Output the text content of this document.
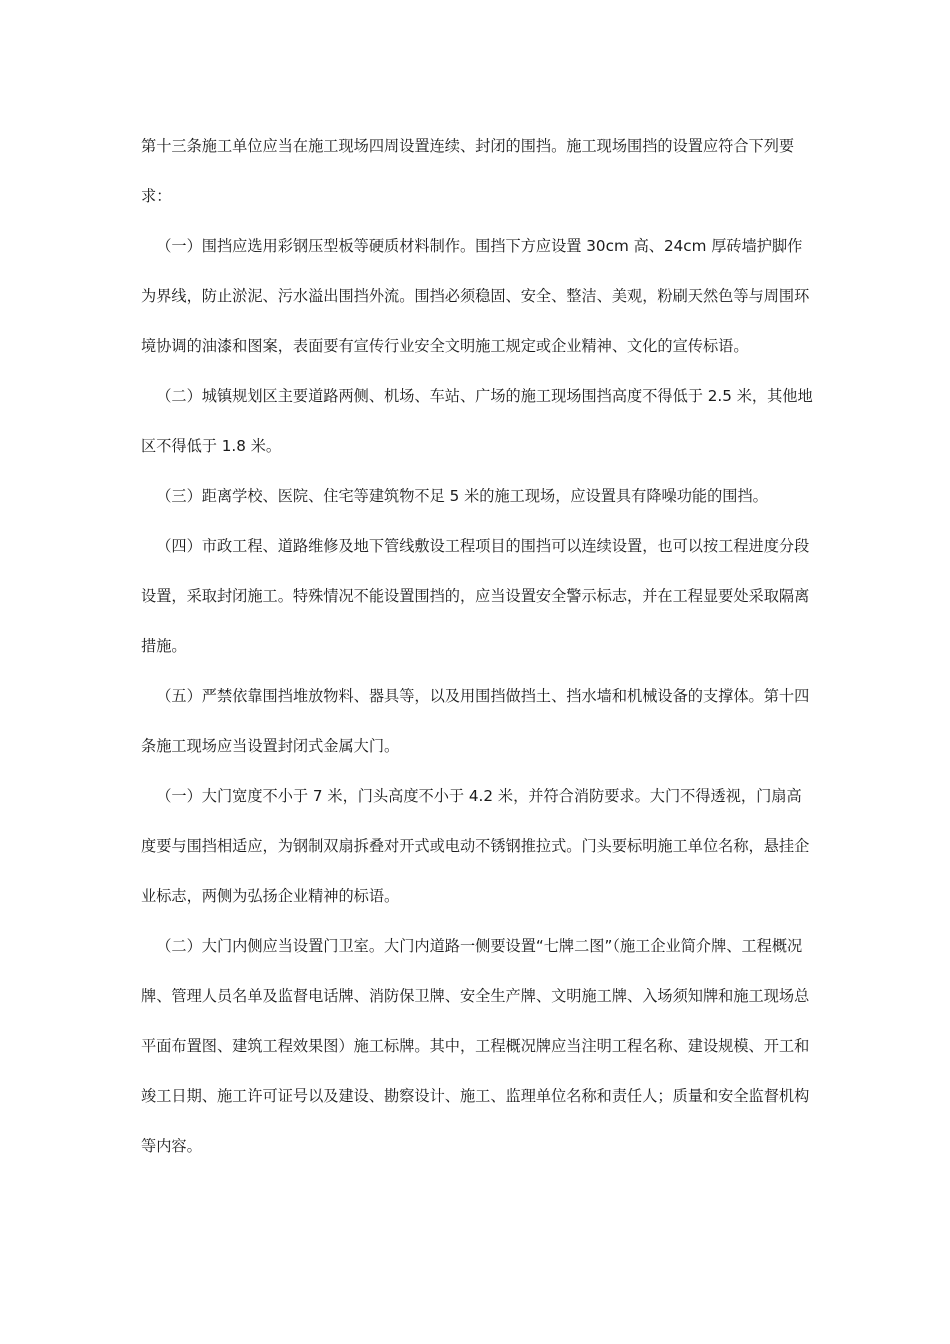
第十三条施工单位应当在施工现场四周设置连续、封闭的围挡。施工现场围挡的设置应符合下列要求：

（一）围挡应选用彩钢压型板等硬质材料制作。围挡下方应设置 30cm 高、24cm 厚砖墙护脚作为界线，防止淤泥、污水溢出围挡外流。围挡必须稳固、安全、整洁、美观，粉刷天然色等与周围环境协调的油漆和图案，表面要有宣传行业安全文明施工规定或企业精神、文化的宣传标语。

（二）城镇规划区主要道路两侧、机场、车站、广场的施工现场围挡高度不得低于 2.5 米，其他地区不得低于 1.8 米。

（三）距离学校、医院、住宅等建筑物不足 5 米的施工现场，应设置具有降噪功能的围挡。

（四）市政工程、道路维修及地下管线敷设工程项目的围挡可以连续设置，也可以按工程进度分段设置，采取封闭施工。特殊情况不能设置围挡的，应当设置安全警示标志，并在工程显要处采取隔离措施。

（五）严禁依靠围挡堆放物料、器具等，以及用围挡做挡土、挡水墙和机械设备的支撑体。第十四条施工现场应当设置封闭式金属大门。

（一）大门宽度不小于 7 米，门头高度不小于 4.2 米，并符合消防要求。大门不得透视，门扇高度要与围挡相适应，为钢制双扇拆叠对开式或电动不锈钢推拉式。门头要标明施工单位名称，悬挂企业标志，两侧为弘扬企业精神的标语。

（二）大门内侧应当设置门卫室。大门内道路一侧要设置“七牌二图”（施工企业简介牌、工程概况牌、管理人员名单及监督电话牌、消防保卫牌、安全生产牌、文明施工牌、入场须知牌和施工现场总平面布置图、建筑工程效果图）施工标牌。其中，工程概况牌应当注明工程名称、建设规模、开工和竣工日期、施工许可证号以及建设、勘察设计、施工、监理单位名称和责任人；质量和安全监督机构等内容。
